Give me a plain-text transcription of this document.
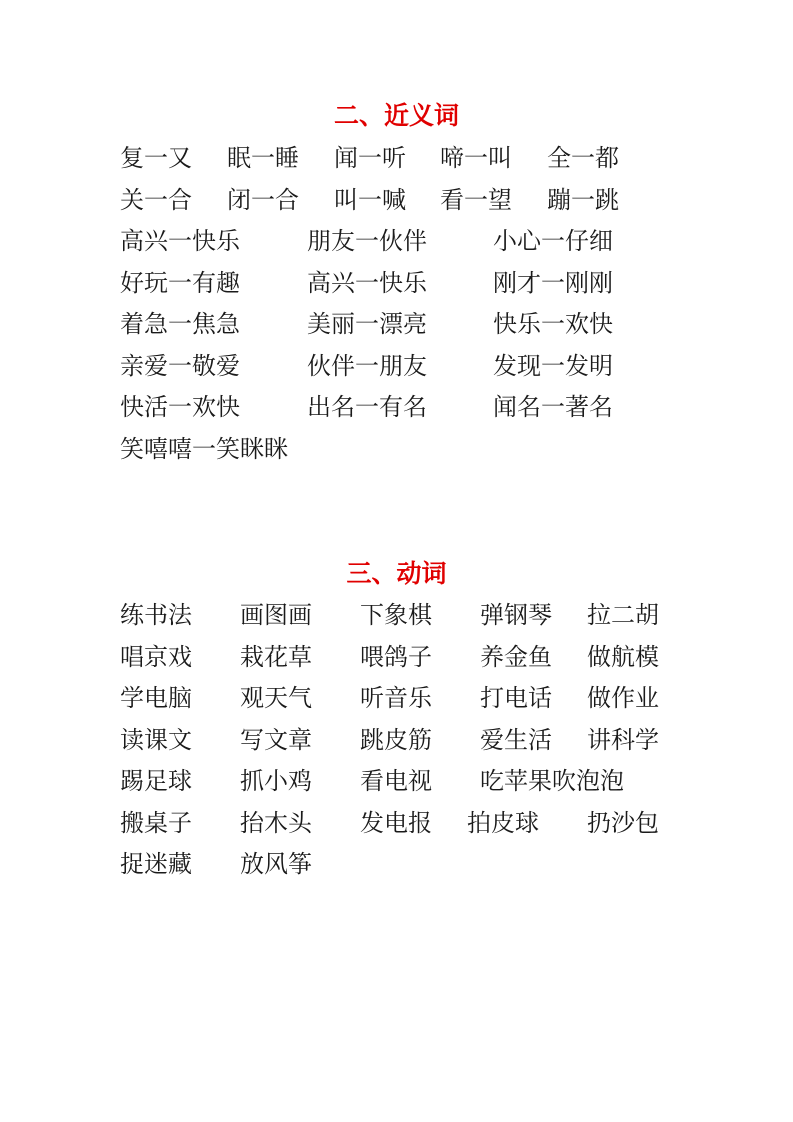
二、近义词
复一又 眠一睡 闻一听 啼一叫 全一都
关一合 闭一合 叫一喊 看一望 蹦一跳
高兴一快乐	朋友一伙伴	小心一仔细
好玩一有趣	高兴一快乐	刚才一刚刚
着急一焦急	美丽一漂亮	快乐一欢快
亲爱一敬爱	伙伴一朋友	发现一发明
快活一欢快	出名一有名	闻名一著名
笑嘻嘻一笑眯眯
三、动词
练书法 画图画 下象棋 弹钢琴 拉二胡
唱京戏 栽花草 喂鸽子 养金鱼 做航模
学电脑 观天气 听音乐 打电话 做作业
读课文 写文章 跳皮筋 爱生活 讲科学
踢足球 抓小鸡 看电视 吃苹果吹泡泡
搬桌子 抬木头 发电报 拍皮球 扔沙包
捉迷藏 放风筝
